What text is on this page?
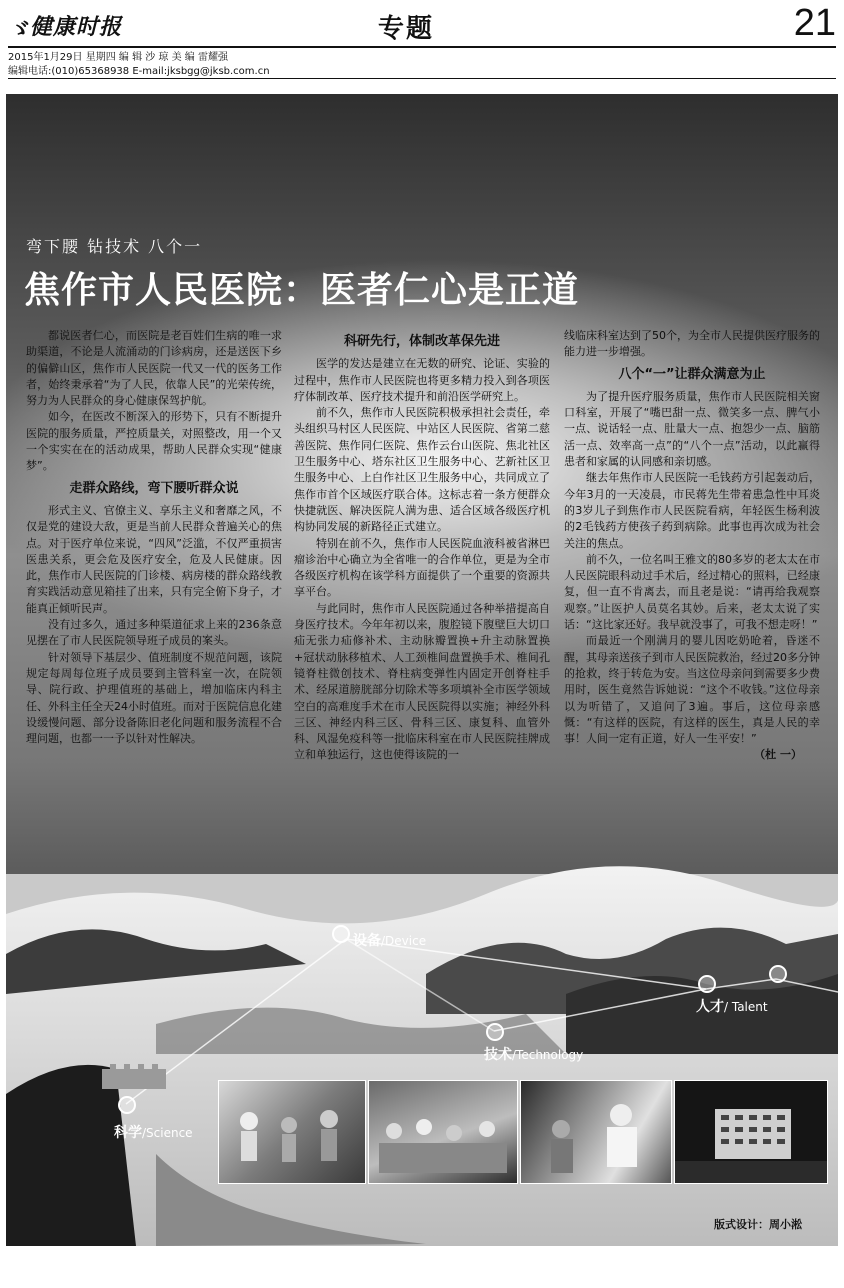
ゞ
健康时报	专题	21
2015年1月29日 星期四 编 辑 沙 琼 美 编 雷耀强
编辑电话:(010)65368938 E-mail:jksbgg@jksb.com.cn
弯下腰 钻技术 八个一
焦作市人民医院：医者仁心是正道

都说医者仁心，而医院是老百姓们生病的唯一求助渠道，不论是人流涌动的门诊病房，还是送医下乡的偏僻山区，焦作市人民医院一代又一代的医务工作者，始终秉承着“为了人民，依靠人民”的光荣传统，努力为人民群众的身心健康保驾护航。

如今，在医改不断深入的形势下，只有不断提升医院的服务质量，严控质量关，对照整改，用一个又一个实实在在的活动成果，帮助人民群众实现“健康梦”。

走群众路线，弯下腰听群众说

形式主义、官僚主义、享乐主义和奢靡之风，不仅是党的建设大敌，更是当前人民群众普遍关心的焦点。对于医疗单位来说，“四风”泛滥，不仅严重损害医患关系，更会危及医疗安全，危及人民健康。因此，焦作市人民医院的门诊楼、病房楼的群众路线教育实践活动意见箱挂了出来，只有完全俯下身子，才能真正倾听民声。

没有过多久，通过多种渠道征求上来的236条意见摆在了市人民医院领导班子成员的案头。

针对领导下基层少、值班制度不规范问题，该院规定每周每位班子成员要到主管科室一次，在院领导、院行政、护理值班的基础上，增加临床内科主任、外科主任全天24小时值班。而对于医院信息化建设缓慢问题、部分设备陈旧老化问题和服务流程不合理问题，也都一一予以针对性解决。

科研先行，体制改革保先进

医学的发达是建立在无数的研究、论证、实验的过程中，焦作市人民医院也将更多精力投入到各项医疗体制改革、医疗技术提升和前沿医学研究上。

前不久，焦作市人民医院积极承担社会责任，牵头组织马村区人民医院、中站区人民医院、省第二慈善医院、焦作同仁医院、焦作云台山医院、焦北社区卫生服务中心、塔东社区卫生服务中心、艺新社区卫生服务中心、上白作社区卫生服务中心，共同成立了焦作市首个区域医疗联合体。这标志着一条方便群众快捷就医、解决医院人满为患、适合区域各级医疗机构协同发展的新路径正式建立。

特别在前不久，焦作市人民医院血液科被省淋巴瘤诊治中心确立为全省唯一的合作单位，更是为全市各级医疗机构在该学科方面提供了一个重要的资源共享平台。

与此同时，焦作市人民医院通过各种举措提高自身医疗技术。今年年初以来，腹腔镜下腹壁巨大切口疝无张力疝修补术、主动脉瓣置换+升主动脉置换+冠状动脉移植术、人工颈椎间盘置换手术、椎间孔镜脊柱微创技术、脊柱病变弹性内固定开创脊柱手术、经尿道膀胱部分切除术等多项填补全市医学领域空白的高难度手术在市人民医院得以实施；神经外科三区、神经内科三区、骨科三区、康复科、血管外科、风湿免疫科等一批临床科室在市人民医院挂牌成立和单独运行，这也使得该院的一

线临床科室达到了50个，为全市人民提供医疗服务的能力进一步增强。

八个“一”让群众满意为止

为了提升医疗服务质量，焦作市人民医院相关窗口科室，开展了“嘴巴甜一点、微笑多一点、脾气小一点、说话轻一点、肚量大一点、抱怨少一点、脑筋活一点、效率高一点”的“八个一点”活动，以此赢得患者和家属的认同感和亲切感。

继去年焦作市人民医院一毛钱药方引起轰动后，今年3月的一天凌晨，市民蒋先生带着患急性中耳炎的3岁儿子到焦作市人民医院看病，年轻医生杨利波的2毛钱药方使孩子药到病除。此事也再次成为社会关注的焦点。

前不久，一位名叫王雅文的80多岁的老太太在市人民医院眼科动过手术后，经过精心的照料，已经康复，但一直不肯离去，而且老是说：“请再给我观察观察。”让医护人员莫名其妙。后来，老太太说了实话：“这比家还好。我早就没事了，可我不想走呀！”

而最近一个刚满月的婴儿因吃奶呛着，昏迷不醒，其母亲送孩子到市人民医院救治，经过20多分钟的抢救，终于转危为安。当这位母亲问到需要多少费用时，医生竟然告诉她说：“这个不收钱。”这位母亲以为听错了，又追问了3遍。事后，这位母亲感慨：“有这样的医院，有这样的医生，真是人民的幸事！人间一定有正道，好人一生平安！”

（杜 一）
设备/Device
人才/ Talent
技术/Technology
科学/Science
版式设计：周小淞
